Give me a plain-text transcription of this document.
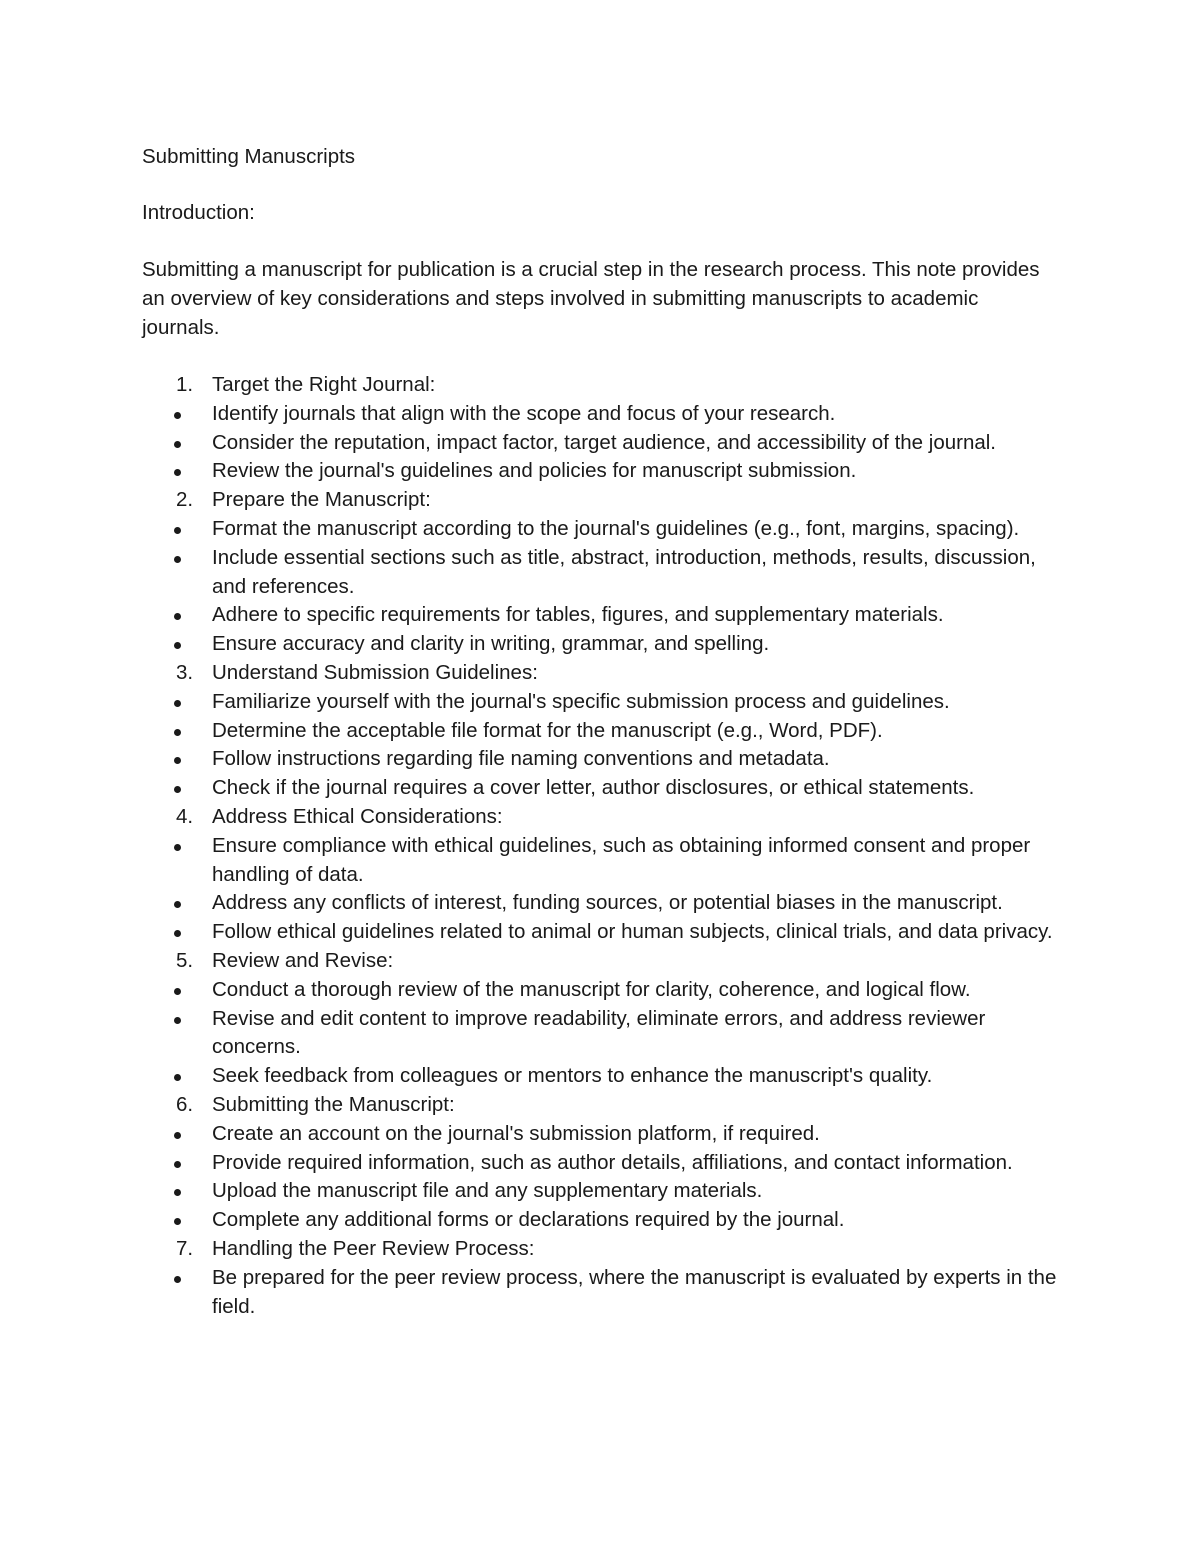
Submitting Manuscripts

Introduction:

Submitting a manuscript for publication is a crucial step in the research process. This note provides an overview of key considerations and steps involved in submitting manuscripts to academic journals.

1. Target the Right Journal:
Identify journals that align with the scope and focus of your research.
Consider the reputation, impact factor, target audience, and accessibility of the journal.
Review the journal's guidelines and policies for manuscript submission.
2. Prepare the Manuscript:
Format the manuscript according to the journal's guidelines (e.g., font, margins, spacing).
Include essential sections such as title, abstract, introduction, methods, results, discussion, and references.
Adhere to specific requirements for tables, figures, and supplementary materials.
Ensure accuracy and clarity in writing, grammar, and spelling.
3. Understand Submission Guidelines:
Familiarize yourself with the journal's specific submission process and guidelines.
Determine the acceptable file format for the manuscript (e.g., Word, PDF).
Follow instructions regarding file naming conventions and metadata.
Check if the journal requires a cover letter, author disclosures, or ethical statements.
4. Address Ethical Considerations:
Ensure compliance with ethical guidelines, such as obtaining informed consent and proper handling of data.
Address any conflicts of interest, funding sources, or potential biases in the manuscript.
Follow ethical guidelines related to animal or human subjects, clinical trials, and data privacy.
5. Review and Revise:
Conduct a thorough review of the manuscript for clarity, coherence, and logical flow.
Revise and edit content to improve readability, eliminate errors, and address reviewer concerns.
Seek feedback from colleagues or mentors to enhance the manuscript's quality.
6. Submitting the Manuscript:
Create an account on the journal's submission platform, if required.
Provide required information, such as author details, affiliations, and contact information.
Upload the manuscript file and any supplementary materials.
Complete any additional forms or declarations required by the journal.
7. Handling the Peer Review Process:
Be prepared for the peer review process, where the manuscript is evaluated by experts in the field.
